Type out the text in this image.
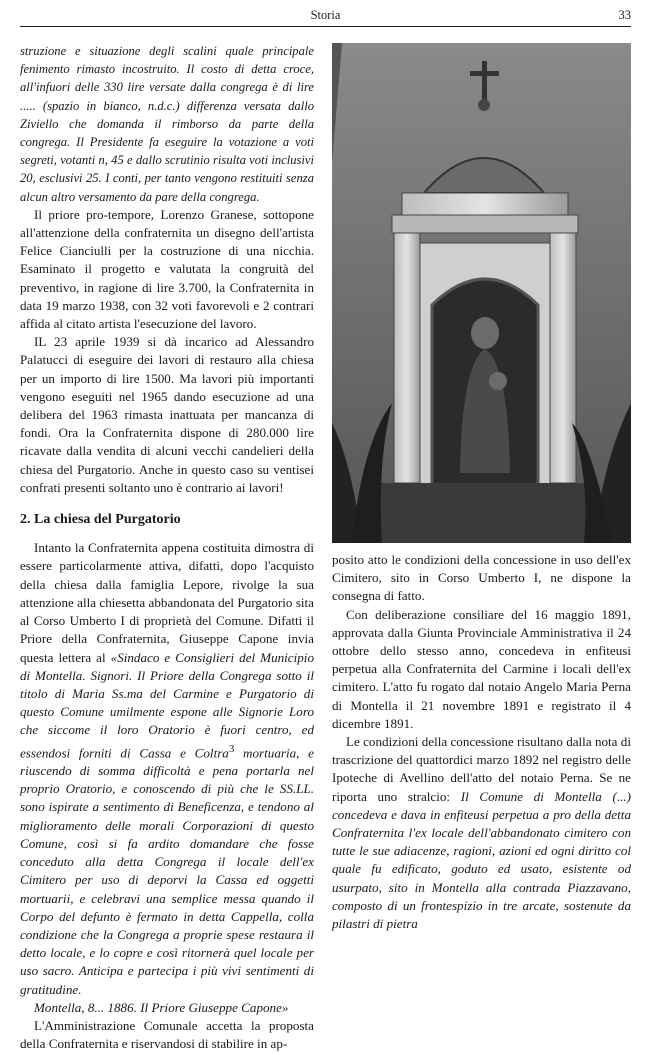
Storia	33

struzione e situazione degli scalini quale principale fenimento rimasto incostruito. Il costo di detta croce, all'infuori delle 330 lire versate dalla congrega è di lire ..... (spazio in bianco, n.d.c.) differenza versata dallo Ziviello che domanda il rimborso da parte della congrega. Il Presidente fa eseguire la votazione a voti segreti, votanti n, 45 e dallo scrutinio risulta voti inclusivi 20, esclusivi 25. I conti, per tanto vengono restituiti senza alcun altro versamento da pare della congrega.

Il priore pro-tempore, Lorenzo Granese, sottopone all'attenzione della confraternita un disegno dell'artista Felice Cianciulli per la costruzione di una nicchia. Esaminato il progetto e valutata la congruità del preventivo, in ragione di lire 3.700, la Confraternita in data 19 marzo 1938, con 32 voti favorevoli e 2 contrari affida al citato artista l'esecuzione del lavoro.

IL 23 aprile 1939 si dà incarico ad Alessandro Palatucci di eseguire dei lavori di restauro alla chiesa per un importo di lire 1500. Ma lavori più importanti vengono eseguiti nel 1965 dando esecuzione ad una delibera del 1963 rimasta inattuata per mancanza di fondi. Ora la Confraternita dispone di 280.000 lire ricavate dalla vendita di alcuni vecchi candelieri della chiesa del Purgatorio. Anche in questo caso su ventisei confrati presenti soltanto uno è contrario ai lavori!

2. La chiesa del Purgatorio

Intanto la Confraternita appena costituita dimostra di essere particolarmente attiva, difatti, dopo l'acquisto della chiesa dalla famiglia Lepore, rivolge la sua attenzione alla chiesetta abbandonata del Purgatorio sita al Corso Umberto I di proprietà del Comune. Difatti il Priore della Confraternita, Giuseppe Capone invia questa lettera al «Sindaco e Consiglieri del Municipio di Montella. Signori. Il Priore della Congrega sotto il titolo di Maria Ss.ma del Carmine e Purgatorio di questo Comune umilmente espone alle Signorie Loro che siccome il loro Oratorio è fuori centro, ed essendosi forniti di Cassa e Coltra$^3$ mortuaria, e riuscendo di somma difficoltà e pena portarla nel proprio Oratorio, e conoscendo di più che le SS.LL. sono ispirate a sentimento di Beneficenza, e tendono al miglioramento delle morali Corporazioni di questo Comune, così si fa ardito domandare che fosse conceduto alla detta Congrega il locale dell'ex Cimitero per uso di deporvi la Cassa ed oggetti mortuarii, e celebravi una semplice messa quando il Corpo del defunto è fermato in detta Cappella, colla condizione che la Congrega a proprie spese restaura il detto locale, e lo copre e così ritornerà quel locale per uso sacro. Anticipa e partecipa i più vivi sentimenti di gratitudine.

Montella, 8... 1886. Il Priore Giuseppe Capone»

L'Amministrazione Comunale accetta la proposta della Confraternita e riservandosi di stabilire in ap-

posito atto le condizioni della concessione in uso dell'ex Cimitero, sito in Corso Umberto I, ne dispone la consegna di fatto.

Con deliberazione consiliare del 16 maggio 1891, approvata dalla Giunta Provinciale Amministrativa il 24 ottobre dello stesso anno, concedeva in enfiteusi perpetua alla Confraternita del Carmine i locali dell'ex cimitero. L'atto fu rogato dal notaio Angelo Maria Perna di Montella il 21 novembre 1891 e registrato il 4 dicembre 1891.

Le condizioni della concessione risultano dalla nota di trascrizione del quattordici marzo 1892 nel registro delle Ipoteche di Avellino dell'atto del notaio Perna. Se ne riporta uno stralcio: Il Comune di Montella (...) concedeva e dava in enfiteusi perpetua a pro della detta Confraternita l'ex locale dell'abbandonato cimitero con tutte le sue adiacenze, ragioni, azioni ed ogni diritto col quale fu edificato, goduto ed usato, esistente od usurpato, sito in Montella alla contrada Piazzavano, composto di un frontespizio in tre arcate, sostenute da pilastri di pietra
